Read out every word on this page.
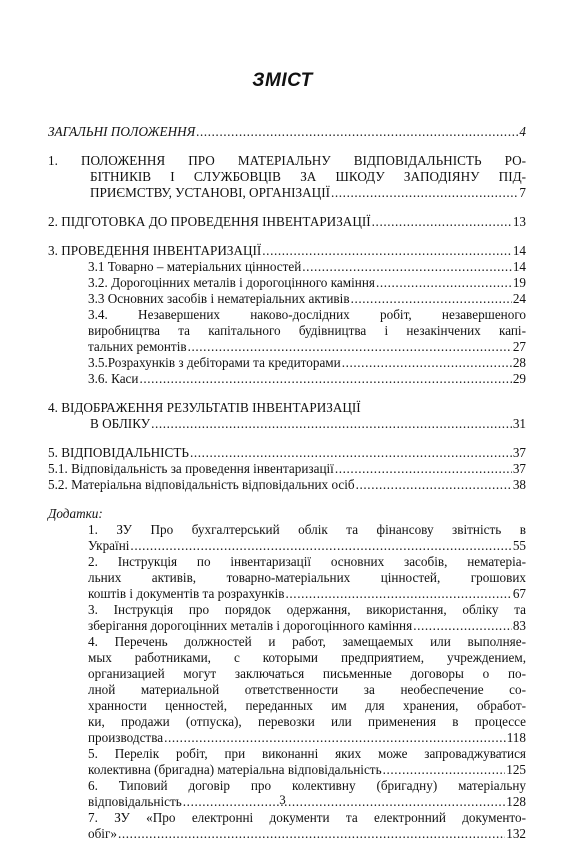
ЗМІСТ
ЗАГАЛЬНІ ПОЛОЖЕННЯ .....	4
1. ПОЛОЖЕННЯ ПРО МАТЕРІАЛЬНУ ВІДПОВІДАЛЬНІСТЬ РО-
БІТНИКІВ І СЛУЖБОВЦІВ ЗА ШКОДУ ЗАПОДІЯНУ ПІД-
ПРИЄМСТВУ, УСТАНОВІ, ОРГАНІЗАЦІЇ .....	7
2. ПІДГОТОВКА ДО ПРОВЕДЕННЯ ІНВЕНТАРИЗАЦІЇ .....	13
3. ПРОВЕДЕННЯ ІНВЕНТАРИЗАЦІЇ .....	14
3.1 Товарно – матеріальних цінностей .....	14
3.2. Дорогоцінних металів і дорогоцінного каміння .....	19
3.3 Основних засобів і нематеріальних активів .....	24
3.4. Незавершених наково-дослідних робіт, незавершеного
виробництва та капітального будівництва і незакінчених капі-
тальних ремонтів .....	27
3.5.Розрахунків з дебіторами та кредиторами .....	28
3.6. Каси .....	29
4. ВІДОБРАЖЕННЯ РЕЗУЛЬТАТІВ ІНВЕНТАРИЗАЦІЇ
В ОБЛІКУ .....	31
5. ВІДПОВІДАЛЬНІСТЬ .....	37
5.1. Відповідальність за проведення інвентаризації .....	37
5.2. Матеріальна відповідальність відповідальних осіб .....	38
Додатки:
1. ЗУ Про бухгалтерський облік та фінансову звітність в
Україні .....	55
2. Інструкція по інвентаризації основних засобів, нематеріа-
льних активів, товарно-матеріальних цінностей, грошових
коштів і документів та розрахунків .....	67
3. Інструкція про порядок одержання, використання, обліку та
зберігання дорогоцінних металів і дорогоцінного каміння .....	83
4. Перечень должностей и работ, замещаемых или выполняе-
мых работниками, с которыми предприятием, учреждением,
организацией могут заключаться письменные договоры о по-
лной материальной ответственности за необеспечение со-
хранности ценностей, переданных им для хранения, обработ-
ки, продажи (отпуска), перевозки или применения в процессе
производства .....	118
5. Перелік робіт, при виконанні яких може запроваджуватися
колективна (бригадна) матеріальна відповідальність .....	125
6. Типовий договір про колективну (бригадну) матеріальну
відповідальність .....	128
7. ЗУ «Про електронні документи та електронний документо-
обіг» .....	132
3
